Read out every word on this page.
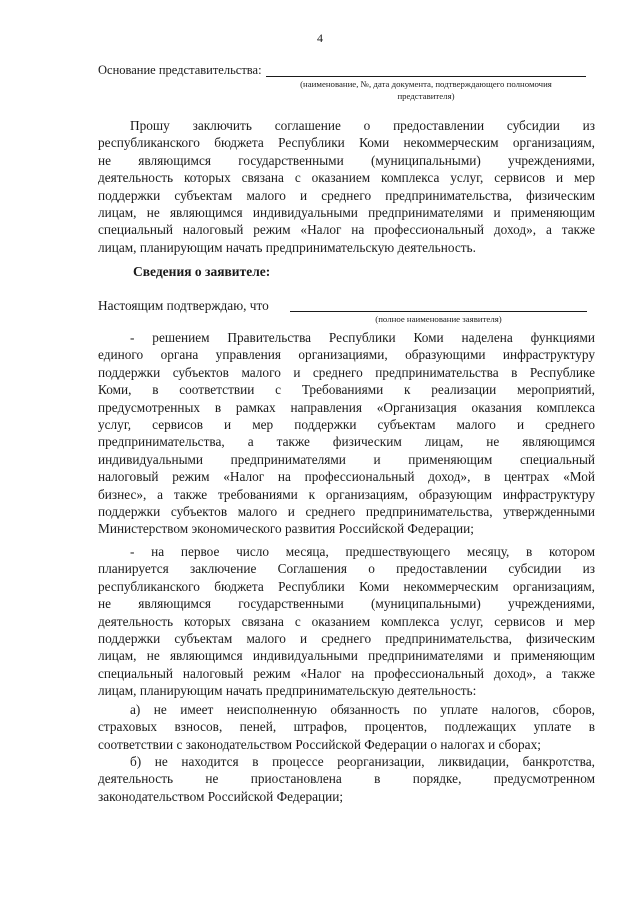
4
Основание представительства:
(наименование, №, дата документа, подтверждающего полномочия
представителя)
Прошу заключить соглашение о предоставлении субсидии из
республиканского бюджета Республики Коми некоммерческим организациям,
не являющимся государственными (муниципальными) учреждениями,
деятельность которых связана с оказанием комплекса услуг, сервисов и мер
поддержки субъектам малого и среднего предпринимательства, физическим
лицам, не являющимся индивидуальными предпринимателями и применяющим
специальный налоговый режим «Налог на профессиональный доход», а также
лицам, планирующим начать предпринимательскую деятельность.
Сведения о заявителе:
Настоящим подтверждаю, что
(полное наименование заявителя)
- решением Правительства Республики Коми наделена функциями
единого органа управления организациями, образующими инфраструктуру
поддержки субъектов малого и среднего предпринимательства в Республике
Коми, в соответствии с Требованиями к реализации мероприятий,
предусмотренных в рамках направления «Организация оказания комплекса
услуг, сервисов и мер поддержки субъектам малого и среднего
предпринимательства, а также физическим лицам, не являющимся
индивидуальными предпринимателями и применяющим специальный
налоговый режим «Налог на профессиональный доход», в центрах «Мой
бизнес», а также требованиями к организациям, образующим инфраструктуру
поддержки субъектов малого и среднего предпринимательства, утвержденными
Министерством экономического развития Российской Федерации;
- на первое число месяца, предшествующего месяцу, в котором
планируется заключение Соглашения о предоставлении субсидии из
республиканского бюджета Республики Коми некоммерческим организациям,
не являющимся государственными (муниципальными) учреждениями,
деятельность которых связана с оказанием комплекса услуг, сервисов и мер
поддержки субъектам малого и среднего предпринимательства, физическим
лицам, не являющимся индивидуальными предпринимателями и применяющим
специальный налоговый режим «Налог на профессиональный доход», а также
лицам, планирующим начать предпринимательскую деятельность:
а) не имеет неисполненную обязанность по уплате налогов, сборов,
страховых взносов, пеней, штрафов, процентов, подлежащих уплате в
соответствии с законодательством Российской Федерации о налогах и сборах;
б) не находится в процессе реорганизации, ликвидации, банкротства,
деятельность не приостановлена в порядке, предусмотренном
законодательством Российской Федерации;
